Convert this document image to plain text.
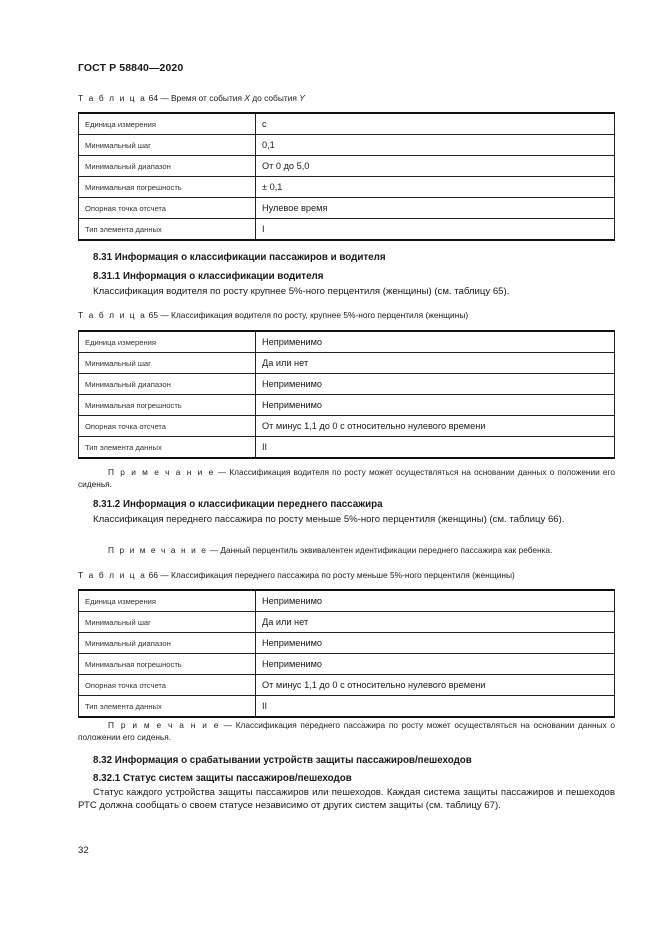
ГОСТ Р 58840—2020
Т а б л и ц а 64 — Время от события X до события Y
Единица измерения	с
Минимальный шаг	0,1
Минимальный диапазон	От 0 до 5,0
Минимальная погрешность	± 0,1
Опорная точка отсчета	Нулевое время
Тип элемента данных	I
8.31 Информация о классификации пассажиров и водителя
8.31.1 Информация о классификации водителя
Классификация водителя по росту крупнее 5%-ного перцентиля (женщины) (см. таблицу 65).
Т а б л и ц а 65 — Классификация водителя по росту, крупнее 5%-ного перцентиля (женщины)
Единица измерения	Неприменимо
Минимальный шаг	Да или нет
Минимальный диапазон	Неприменимо
Минимальная погрешность	Неприменимо
Опорная точка отсчета	От минус 1,1 до 0 с относительно нулевого времени
Тип элемента данных	II
П р и м е ч а н и е — Классификация водителя по росту может осуществляться на основании данных о положении его сиденья.
8.31.2 Информация о классификации переднего пассажира
Классификация переднего пассажира по росту меньше 5%-ного перцентиля (женщины) (см. таблицу 66).
П р и м е ч а н и е — Данный перцентиль эквивалентен идентификации переднего пассажира как ребенка.
Т а б л и ц а 66 — Классификация переднего пассажира по росту меньше 5%-ного перцентиля (женщины)
Единица измерения	Неприменимо
Минимальный шаг	Да или нет
Минимальный диапазон	Неприменимо
Минимальная погрешность	Неприменимо
Опорная точка отсчета	От минус 1,1 до 0 с относительно нулевого времени
Тип элемента данных	II
П р и м е ч а н и е — Классификация переднего пассажира по росту может осуществляться на основании данных о положении его сиденья.
8.32 Информация о срабатывании устройств защиты пассажиров/пешеходов
8.32.1 Статус систем защиты пассажиров/пешеходов
Статус каждого устройства защиты пассажиров или пешеходов. Каждая система защиты пассажиров и пешеходов РТС должна сообщать о своем статусе независимо от других систем защиты (см. таблицу 67).
32
